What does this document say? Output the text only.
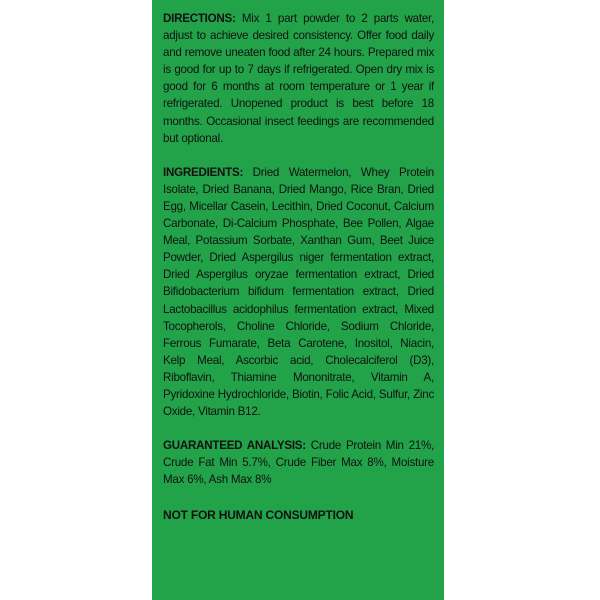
DIRECTIONS: Mix 1 part powder to 2 parts water, adjust to achieve desired consistency. Offer food daily and remove uneaten food after 24 hours. Prepared mix is good for up to 7 days if refrigerated. Open dry mix is good for 6 months at room temperature or 1 year if refrigerated. Unopened product is best before 18 months. Occasional insect feedings are recommended but optional.

INGREDIENTS: Dried Watermelon, Whey Protein Isolate, Dried Banana, Dried Mango, Rice Bran, Dried Egg, Micellar Casein, Lecithin, Dried Coconut, Calcium Carbonate, Di-Calcium Phosphate, Bee Pollen, Algae Meal, Potassium Sorbate, Xanthan Gum, Beet Juice Powder, Dried Aspergilus niger fermentation extract, Dried Aspergilus oryzae fermentation extract, Dried Bifidobacterium bifidum fermentation extract, Dried Lactobacillus acidophilus fermentation extract, Mixed Tocopherols, Choline Chloride, Sodium Chloride, Ferrous Fumarate, Beta Carotene, Inositol, Niacin, Kelp Meal, Ascorbic acid, Cholecalciferol (D3), Riboflavin, Thiamine Mononitrate, Vitamin A, Pyridoxine Hydrochloride, Biotin, Folic Acid, Sulfur, Zinc Oxide, Vitamin B12.

GUARANTEED ANALYSIS: Crude Protein Min 21%, Crude Fat Min 5.7%, Crude Fiber Max 8%, Moisture Max 6%, Ash Max 8%

NOT FOR HUMAN CONSUMPTION
